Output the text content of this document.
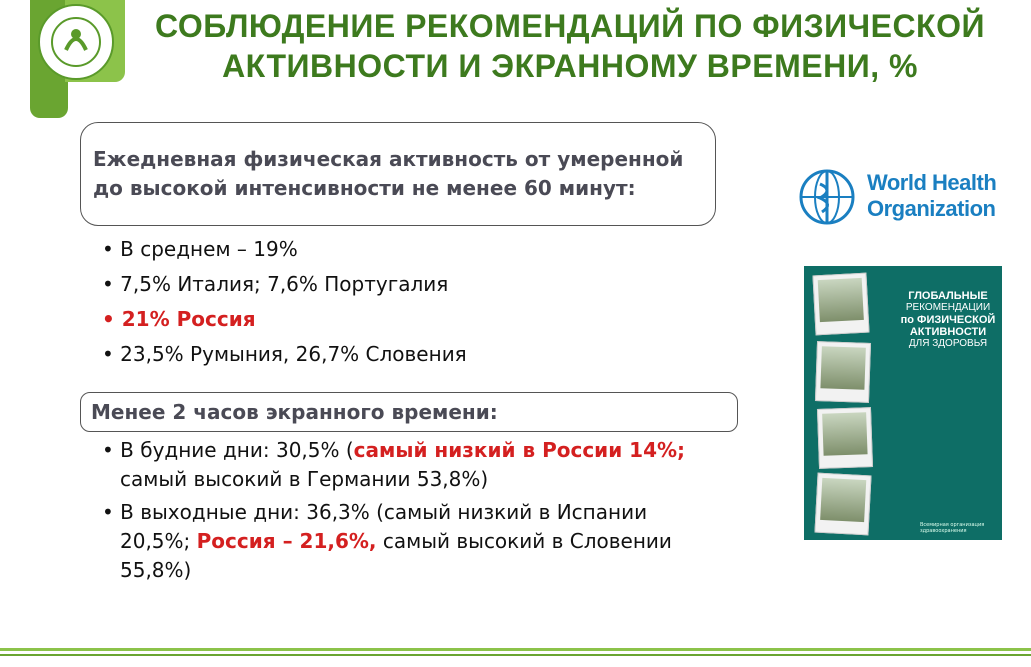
СОБЛЮДЕНИЕ РЕКОМЕНДАЦИЙ ПО ФИЗИЧЕСКОЙ
АКТИВНОСТИ И ЭКРАННОМУ ВРЕМЕНИ, %
Ежедневная физическая активность от умеренной
до высокой интенсивности не менее 60 минут:
• В среднем – 19%
• 7,5% Италия; 7,6% Португалия
• 21% Россия
• 23,5% Румыния, 26,7% Словения
Менее 2 часов экранного времени:
• В будние дни: 30,5% (самый низкий в России 14%; самый высокий в Германии 53,8%)
• В выходные дни: 36,3% (самый низкий в Испании 20,5%; Россия – 21,6%, самый высокий в Словении 55,8%)
World Health
Organization
ГЛОБАЛЬНЫЕ
РЕКОМЕНДАЦИИ
по ФИЗИЧЕСКОЙ
АКТИВНОСТИ
ДЛЯ ЗДОРОВЬЯ
Всемирная организация здравоохранения
